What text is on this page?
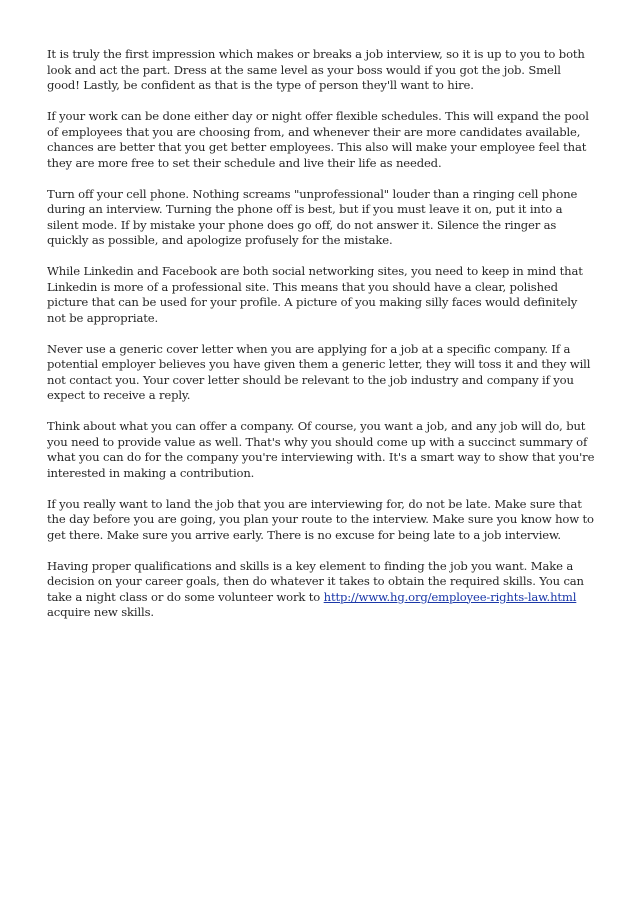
It is truly the first impression which makes or breaks a job interview, so it is up to you to both look and act the part. Dress at the same level as your boss would if you got the job. Smell good! Lastly, be confident as that is the type of person they'll want to hire.

If your work can be done either day or night offer flexible schedules. This will expand the pool of employees that you are choosing from, and whenever their are more candidates available, chances are better that you get better employees. This also will make your employee feel that they are more free to set their schedule and live their life as needed.

Turn off your cell phone. Nothing screams "unprofessional" louder than a ringing cell phone during an interview. Turning the phone off is best, but if you must leave it on, put it into a silent mode. If by mistake your phone does go off, do not answer it. Silence the ringer as quickly as possible, and apologize profusely for the mistake.

While Linkedin and Facebook are both social networking sites, you need to keep in mind that Linkedin is more of a professional site. This means that you should have a clear, polished picture that can be used for your profile. A picture of you making silly faces would definitely not be appropriate.

Never use a generic cover letter when you are applying for a job at a specific company. If a potential employer believes you have given them a generic letter, they will toss it and they will not contact you. Your cover letter should be relevant to the job industry and company if you expect to receive a reply.

Think about what you can offer a company. Of course, you want a job, and any job will do, but you need to provide value as well. That's why you should come up with a succinct summary of what you can do for the company you're interviewing with. It's a smart way to show that you're interested in making a contribution.

If you really want to land the job that you are interviewing for, do not be late. Make sure that the day before you are going, you plan your route to the interview. Make sure you know how to get there. Make sure you arrive early. There is no excuse for being late to a job interview.

Having proper qualifications and skills is a key element to finding the job you want. Make a decision on your career goals, then do whatever it takes to obtain the required skills. You can take a night class or do some volunteer work to http://www.hg.org/employee-rights-law.html acquire new skills.
